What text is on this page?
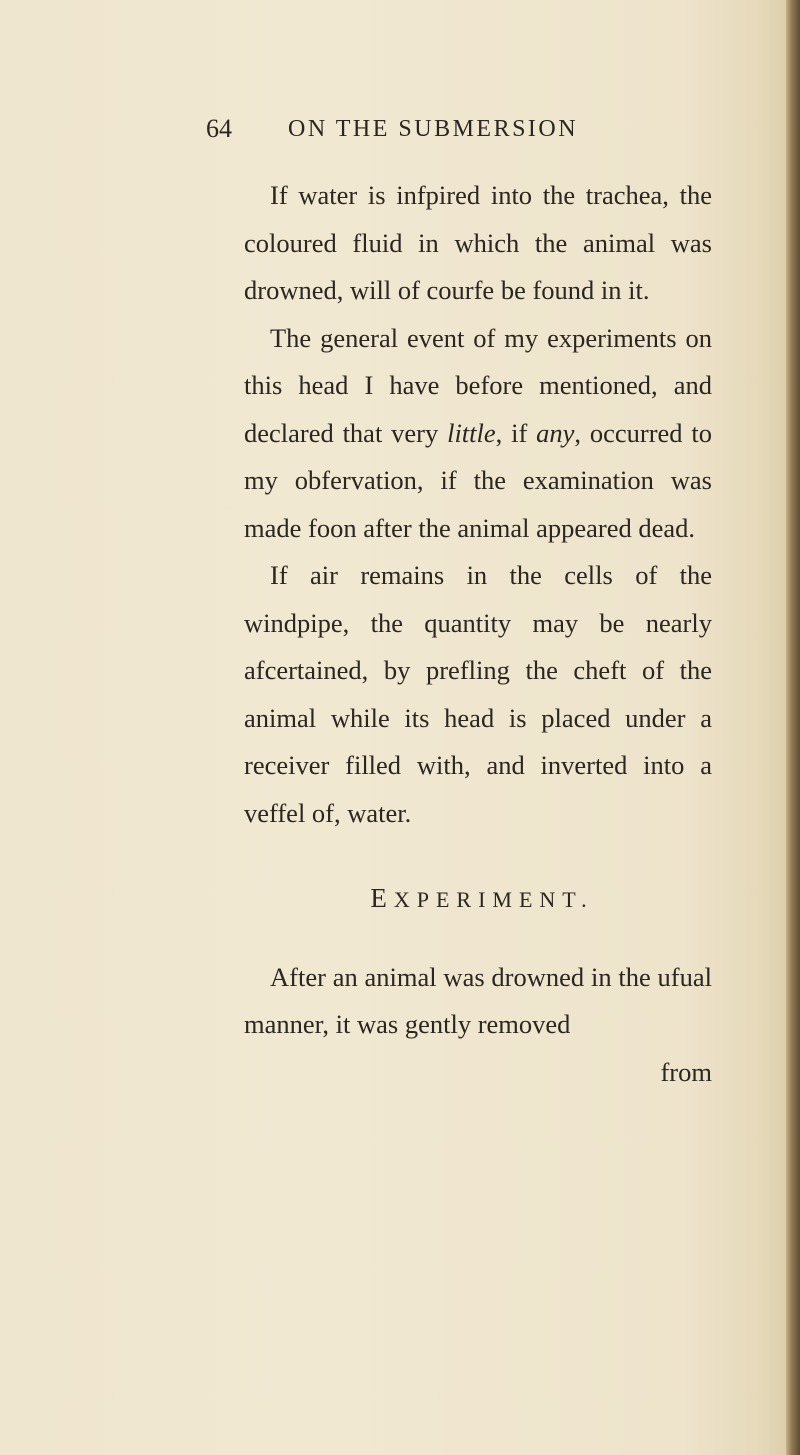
64 ON THE SUBMERSION

If water is infpired into the trachea, the coloured fluid in which the animal was drowned, will of courfe be found in it.

The general event of my experiments on this head I have before mentioned, and declared that very little, if any, occurred to my obfervation, if the examination was made foon after the animal appeared dead.

If air remains in the cells of the windpipe, the quantity may be nearly afcertained, by prefling the cheft of the animal while its head is placed under a receiver filled with, and inverted into a veffel of, water.

EXPERIMENT.

After an animal was drowned in the ufual manner, it was gently removed

from
